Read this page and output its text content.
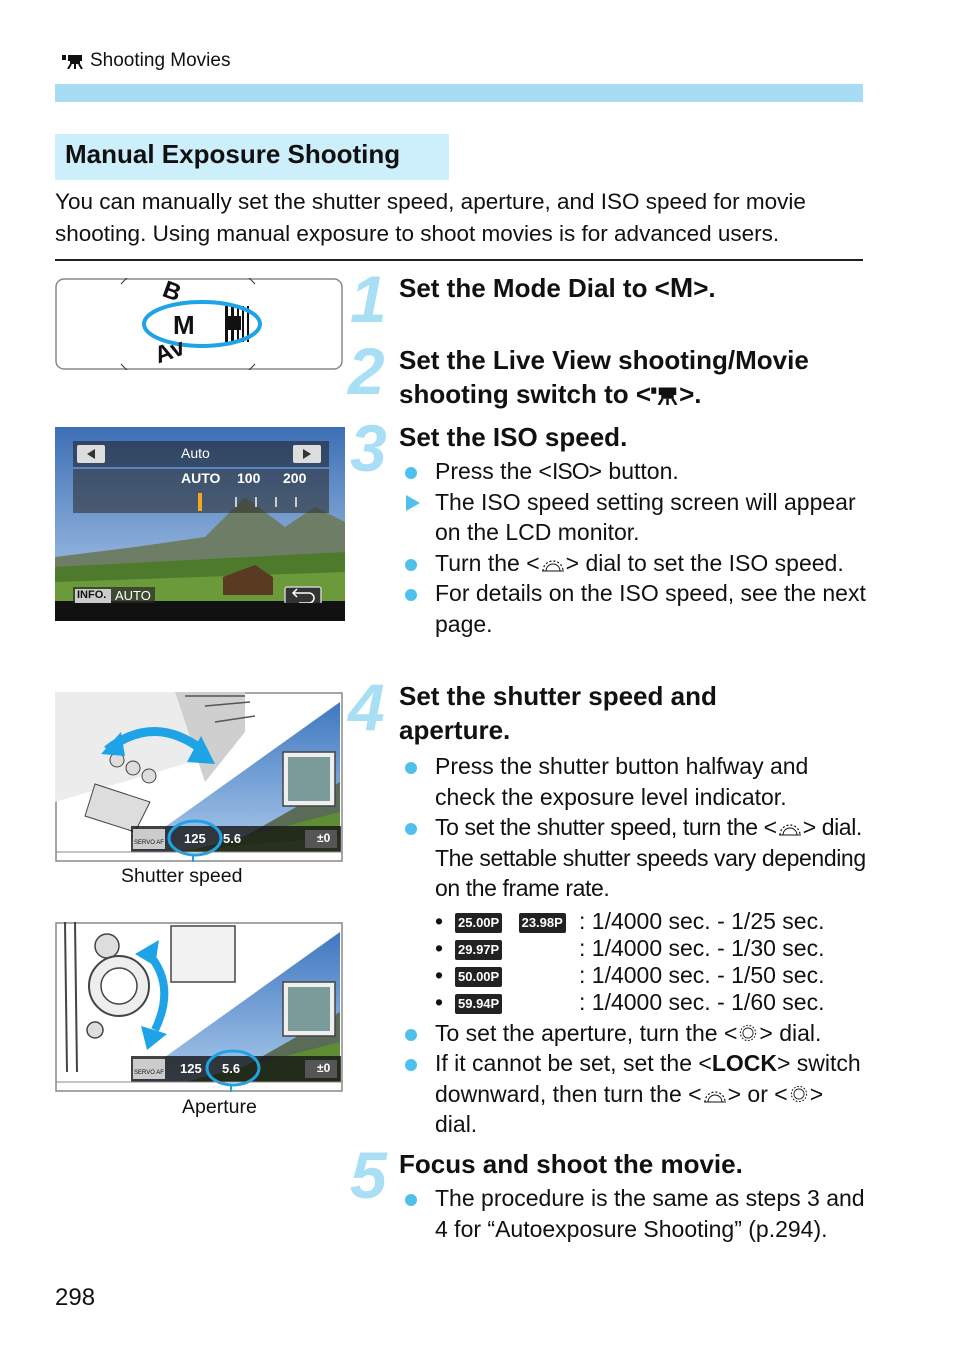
Shooting Movies
Manual Exposure Shooting
You can manually set the shutter speed, aperture, and ISO speed for movie shooting. Using manual exposure to shoot movies is for advanced users.
B
M
Av
Auto
AUTO 100 200
INFO. AUTO
125 5.6
SERVO AF	±0
Shutter speed
125 5.6
SERVO AF	±0
Aperture
1 Set the Mode Dial to <M>.
2 Set the Live View shooting/Movie shooting switch to < >.
3 Set the ISO speed.
Press the <ISO> button.
The ISO speed setting screen will appear on the LCD monitor.
Turn the < > dial to set the ISO speed.
For details on the ISO speed, see the next page.
4 Set the shutter speed and aperture.
Press the shutter button halfway and check the exposure level indicator.
To set the shutter speed, turn the < > dial. The settable shutter speeds vary depending on the frame rate.
• 25.00P 23.98P : 1/4000 sec. - 1/25 sec.
• 29.97P	: 1/4000 sec. - 1/30 sec.
• 50.00P	: 1/4000 sec. - 1/50 sec.
• 59.94P	: 1/4000 sec. - 1/60 sec.
To set the aperture, turn the < > dial.
If it cannot be set, set the <LOCK> switch downward, then turn the < > or < > dial.
5 Focus and shoot the movie.
The procedure is the same as steps 3 and 4 for “Autoexposure Shooting” (p.294).
298
